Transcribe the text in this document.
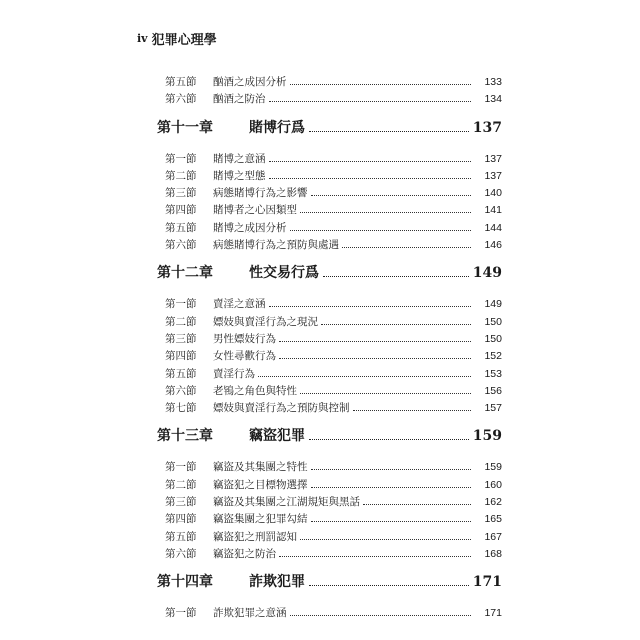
iv 犯罪心理學
第五節	酗酒之成因分析	133
第六節	酗酒之防治	134
第十一章	賭博行爲	137
第一節	賭博之意涵	137
第二節	賭博之型態	137
第三節	病態賭博行為之影響	140
第四節	賭博者之心因類型	141
第五節	賭博之成因分析	144
第六節	病態賭博行為之預防與處遇	146
第十二章	性交易行爲	149
第一節	賣淫之意涵	149
第二節	嫖妓與賣淫行為之現況	150
第三節	男性嫖妓行為	150
第四節	女性尋歡行為	152
第五節	賣淫行為	153
第六節	老鴇之角色與特性	156
第七節	嫖妓與賣淫行為之預防與控制	157
第十三章	竊盜犯罪	159
第一節	竊盜及其集團之特性	159
第二節	竊盜犯之目標物選擇	160
第三節	竊盜及其集團之江湖規矩與黑話	162
第四節	竊盜集團之犯罪勾結	165
第五節	竊盜犯之刑罰認知	167
第六節	竊盜犯之防治	168
第十四章	詐欺犯罪	171
第一節	詐欺犯罪之意涵	171
